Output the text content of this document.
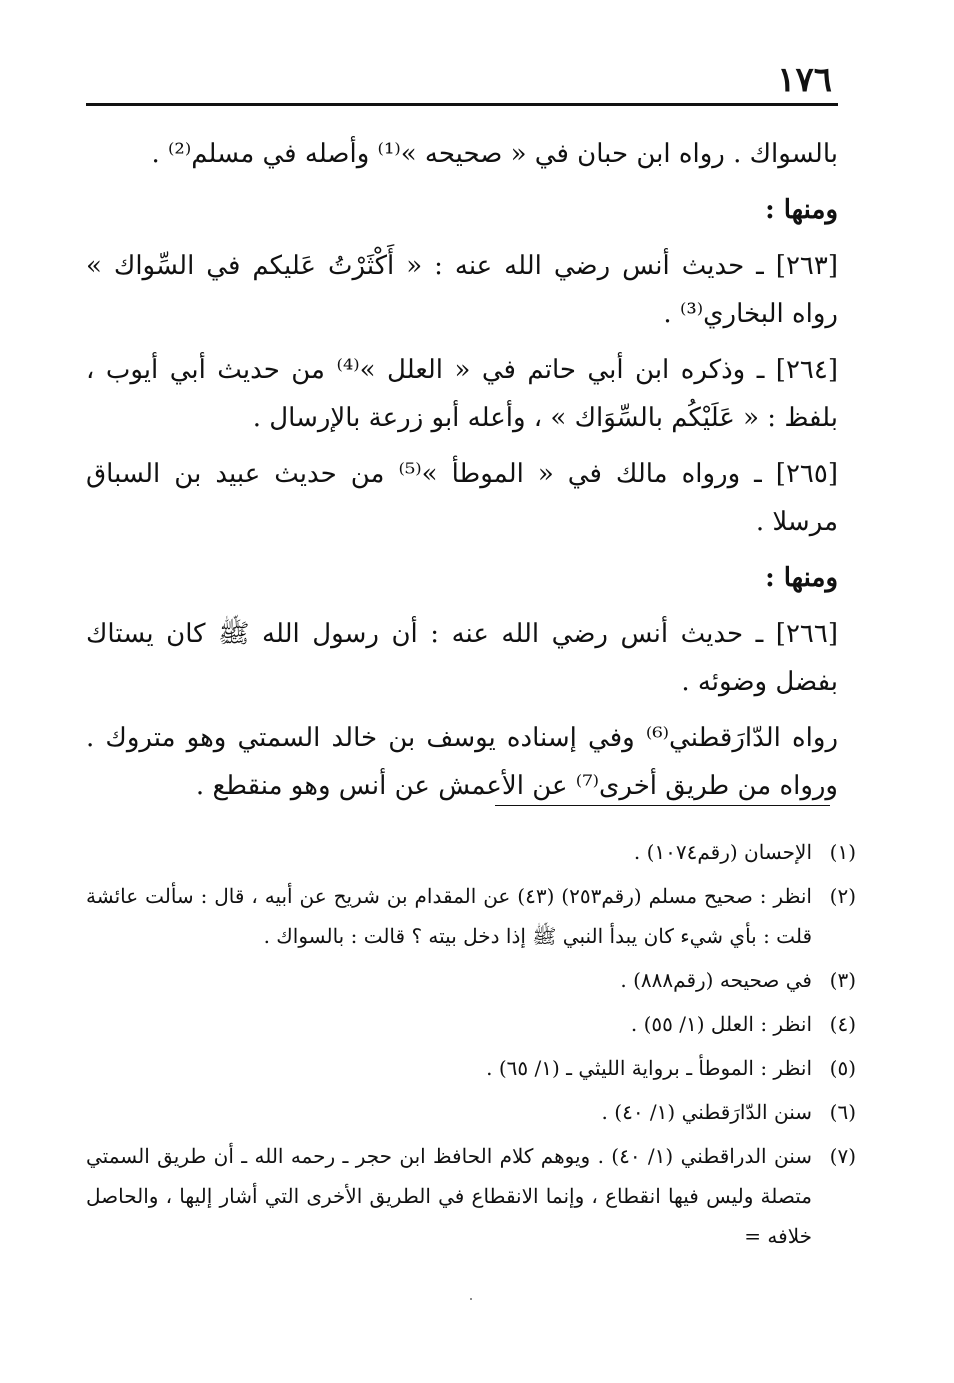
١٧٦

بالسواك . رواه ابن حبان في « صحيحه »⁽¹⁾ وأصله في مسلم⁽²⁾ .

ومنها :

[٢٦٣] ـ حديث أنس رضي الله عنه : « أَكْثَرْتُ عَليكم في السِّواك » رواه البخاري⁽³⁾ .

[٢٦٤] ـ وذكره ابن أبي حاتم في « العلل »⁽⁴⁾ من حديث أبي أيوب ، بلفظ : « عَلَيْكُم بالسِّوَاك » ، وأعله أبو زرعة بالإرسال .

[٢٦٥] ـ ورواه مالك في « الموطأ »⁽⁵⁾ من حديث عبيد بن السباق مرسلا .

ومنها :

[٢٦٦] ـ حديث أنس رضي الله عنه : أن رسول الله ﷺ كان يستاك بفضل وضوئه .

رواه الدّارَقطني⁽⁶⁾ وفي إسناده يوسف بن خالد السمتي وهو متروك . ورواه من طريق أخرى⁽⁷⁾ عن الأعمش عن أنس وهو منقطع .

(١)
الإحسان (رقم١٠٧٤) .
(٢)
انظر : صحيح مسلم (رقم٢٥٣) (٤٣) عن المقدام بن شريح عن أبيه ، قال : سألت عائشة قلت : بأي شيء كان يبدأ النبي ﷺ إذا دخل بيته ؟ قالت : بالسواك .
(٣)
في صحيحه (رقم٨٨٨) .
(٤)
انظر : العلل (١/ ٥٥) .
(٥)
انظر : الموطأ ـ برواية الليثي ـ (١/ ٦٥) .
(٦)
سنن الدّارَقطني (١/ ٤٠) .
(٧)
سنن الدراقطني (١/ ٤٠) . ويوهم كلام الحافظ ابن حجر ـ رحمه الله ـ أن طريق السمتي متصلة وليس فيها انقطاع ، وإنما الانقطاع في الطريق الأخرى التي أشار إليها ، والحاصل خلافه =
